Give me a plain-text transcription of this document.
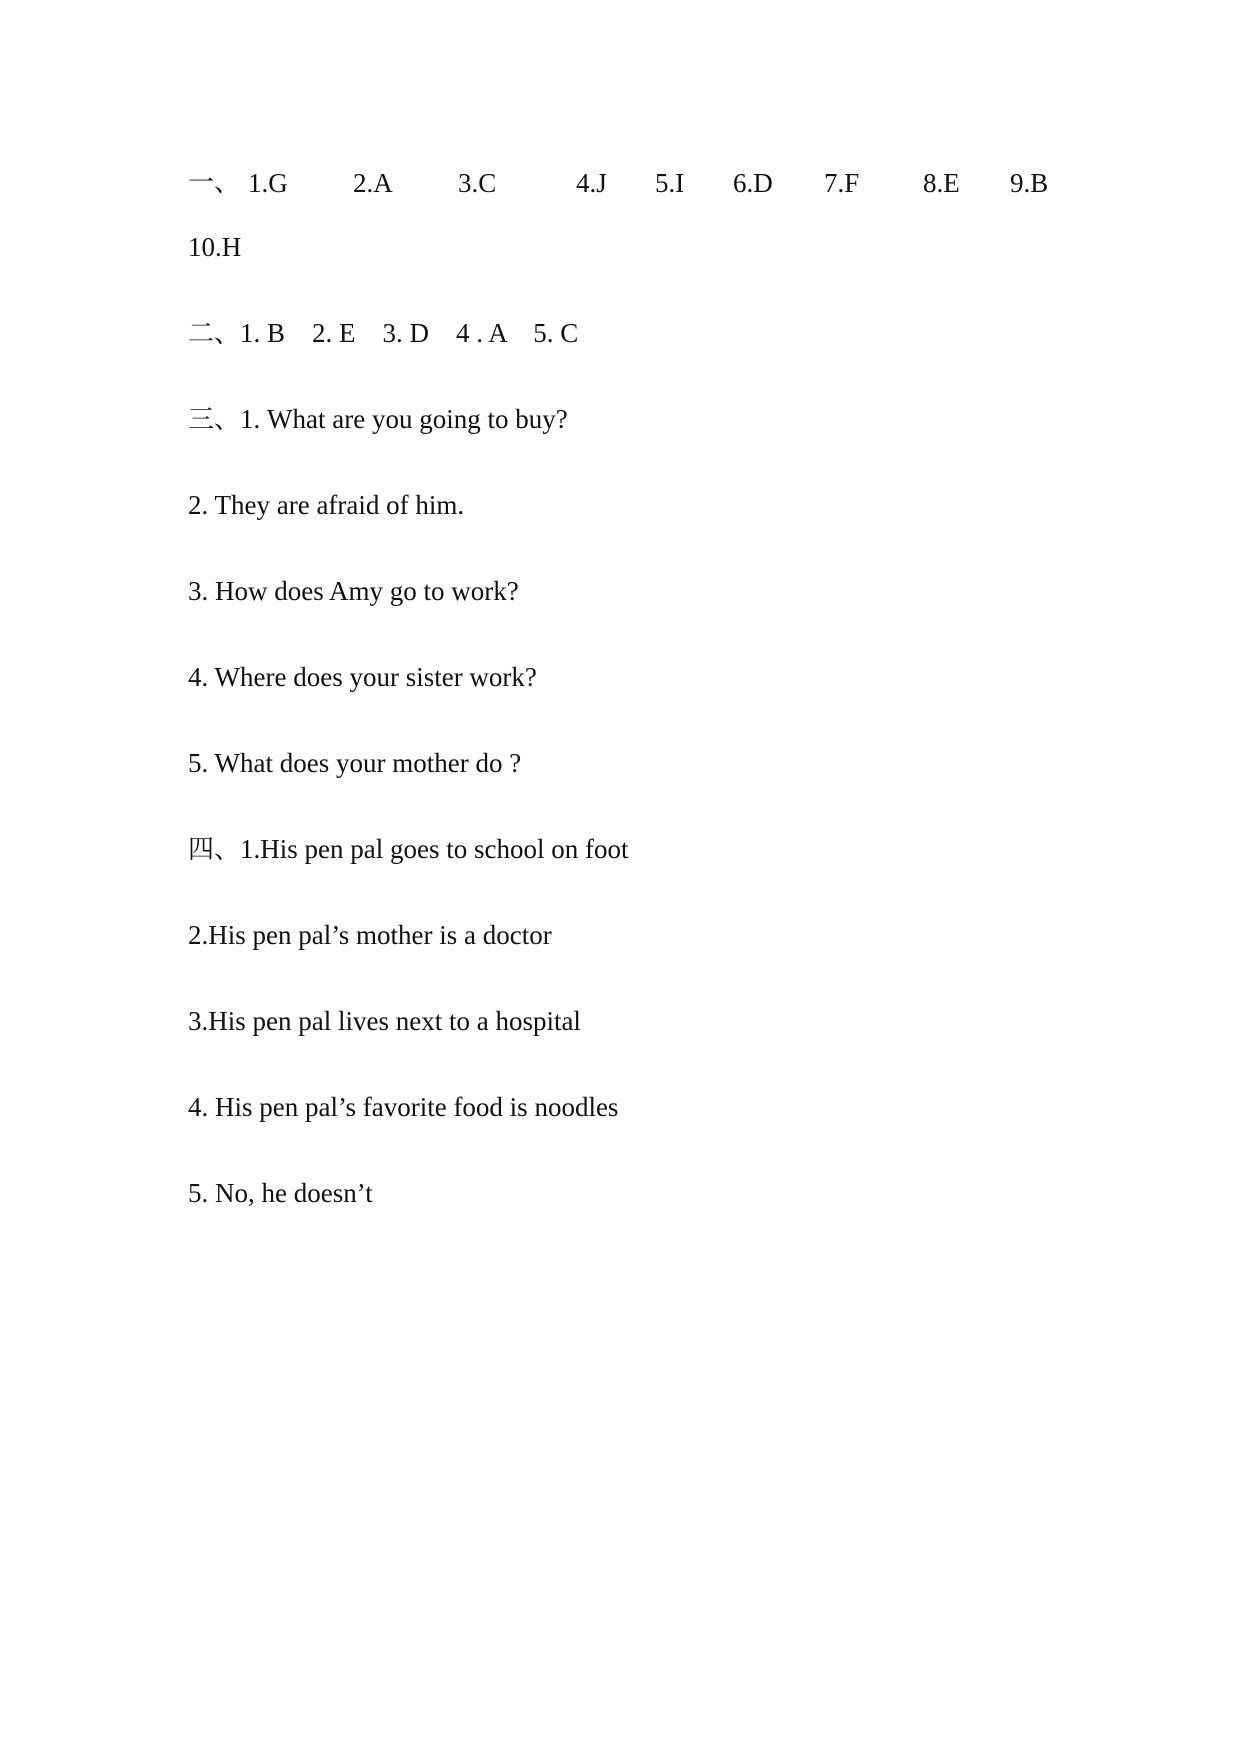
一、 1.G 2.A 3.C	4.J 5.I 6.D 7.F 8.E 9.B
10.H
二、1. B    2. E    3. D    4 . A    5. C
三、1. What are you going to buy?
2. They are afraid of him.
3. How does Amy go to work?
4. Where does your sister work?
5. What does your mother do ?
四、1.His pen pal goes to school on foot
2.His pen pal’s mother is a doctor
3.His pen pal lives next to a hospital
4. His pen pal’s favorite food is noodles
5. No, he doesn’t
